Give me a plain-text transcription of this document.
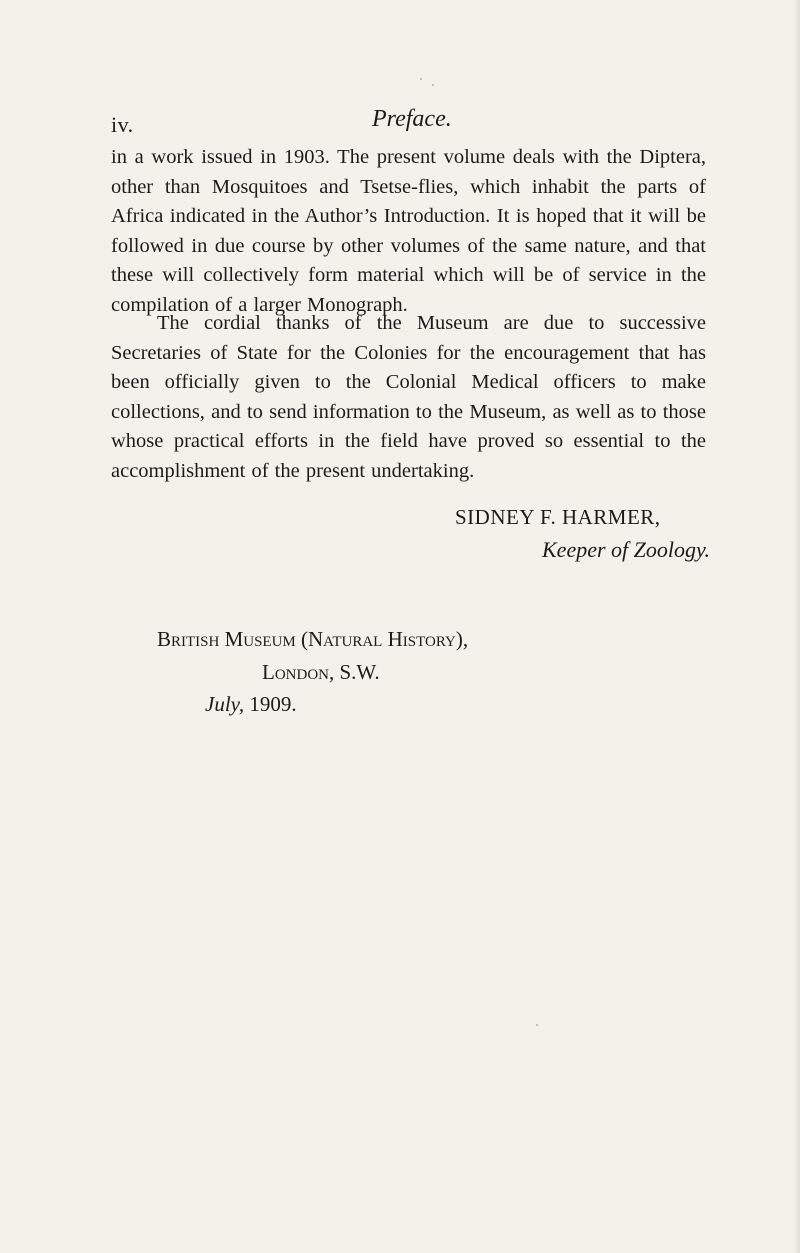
iv.	Preface.

in a work issued in 1903. The present volume deals with the Diptera, other than Mosquitoes and Tsetse-flies, which inhabit the parts of Africa indicated in the Author’s Introduction. It is hoped that it will be followed in due course by other volumes of the same nature, and that these will collectively form material which will be of service in the compilation of a larger Monograph.

The cordial thanks of the Museum are due to successive Secretaries of State for the Colonies for the encouragement that has been officially given to the Colonial Medical officers to make collections, and to send information to the Museum, as well as to those whose practical efforts in the field have proved so essential to the accomplishment of the present undertaking.

SIDNEY F. HARMER,
Keeper of Zoology.
British Museum (Natural History),
London, S.W.
July, 1909.
